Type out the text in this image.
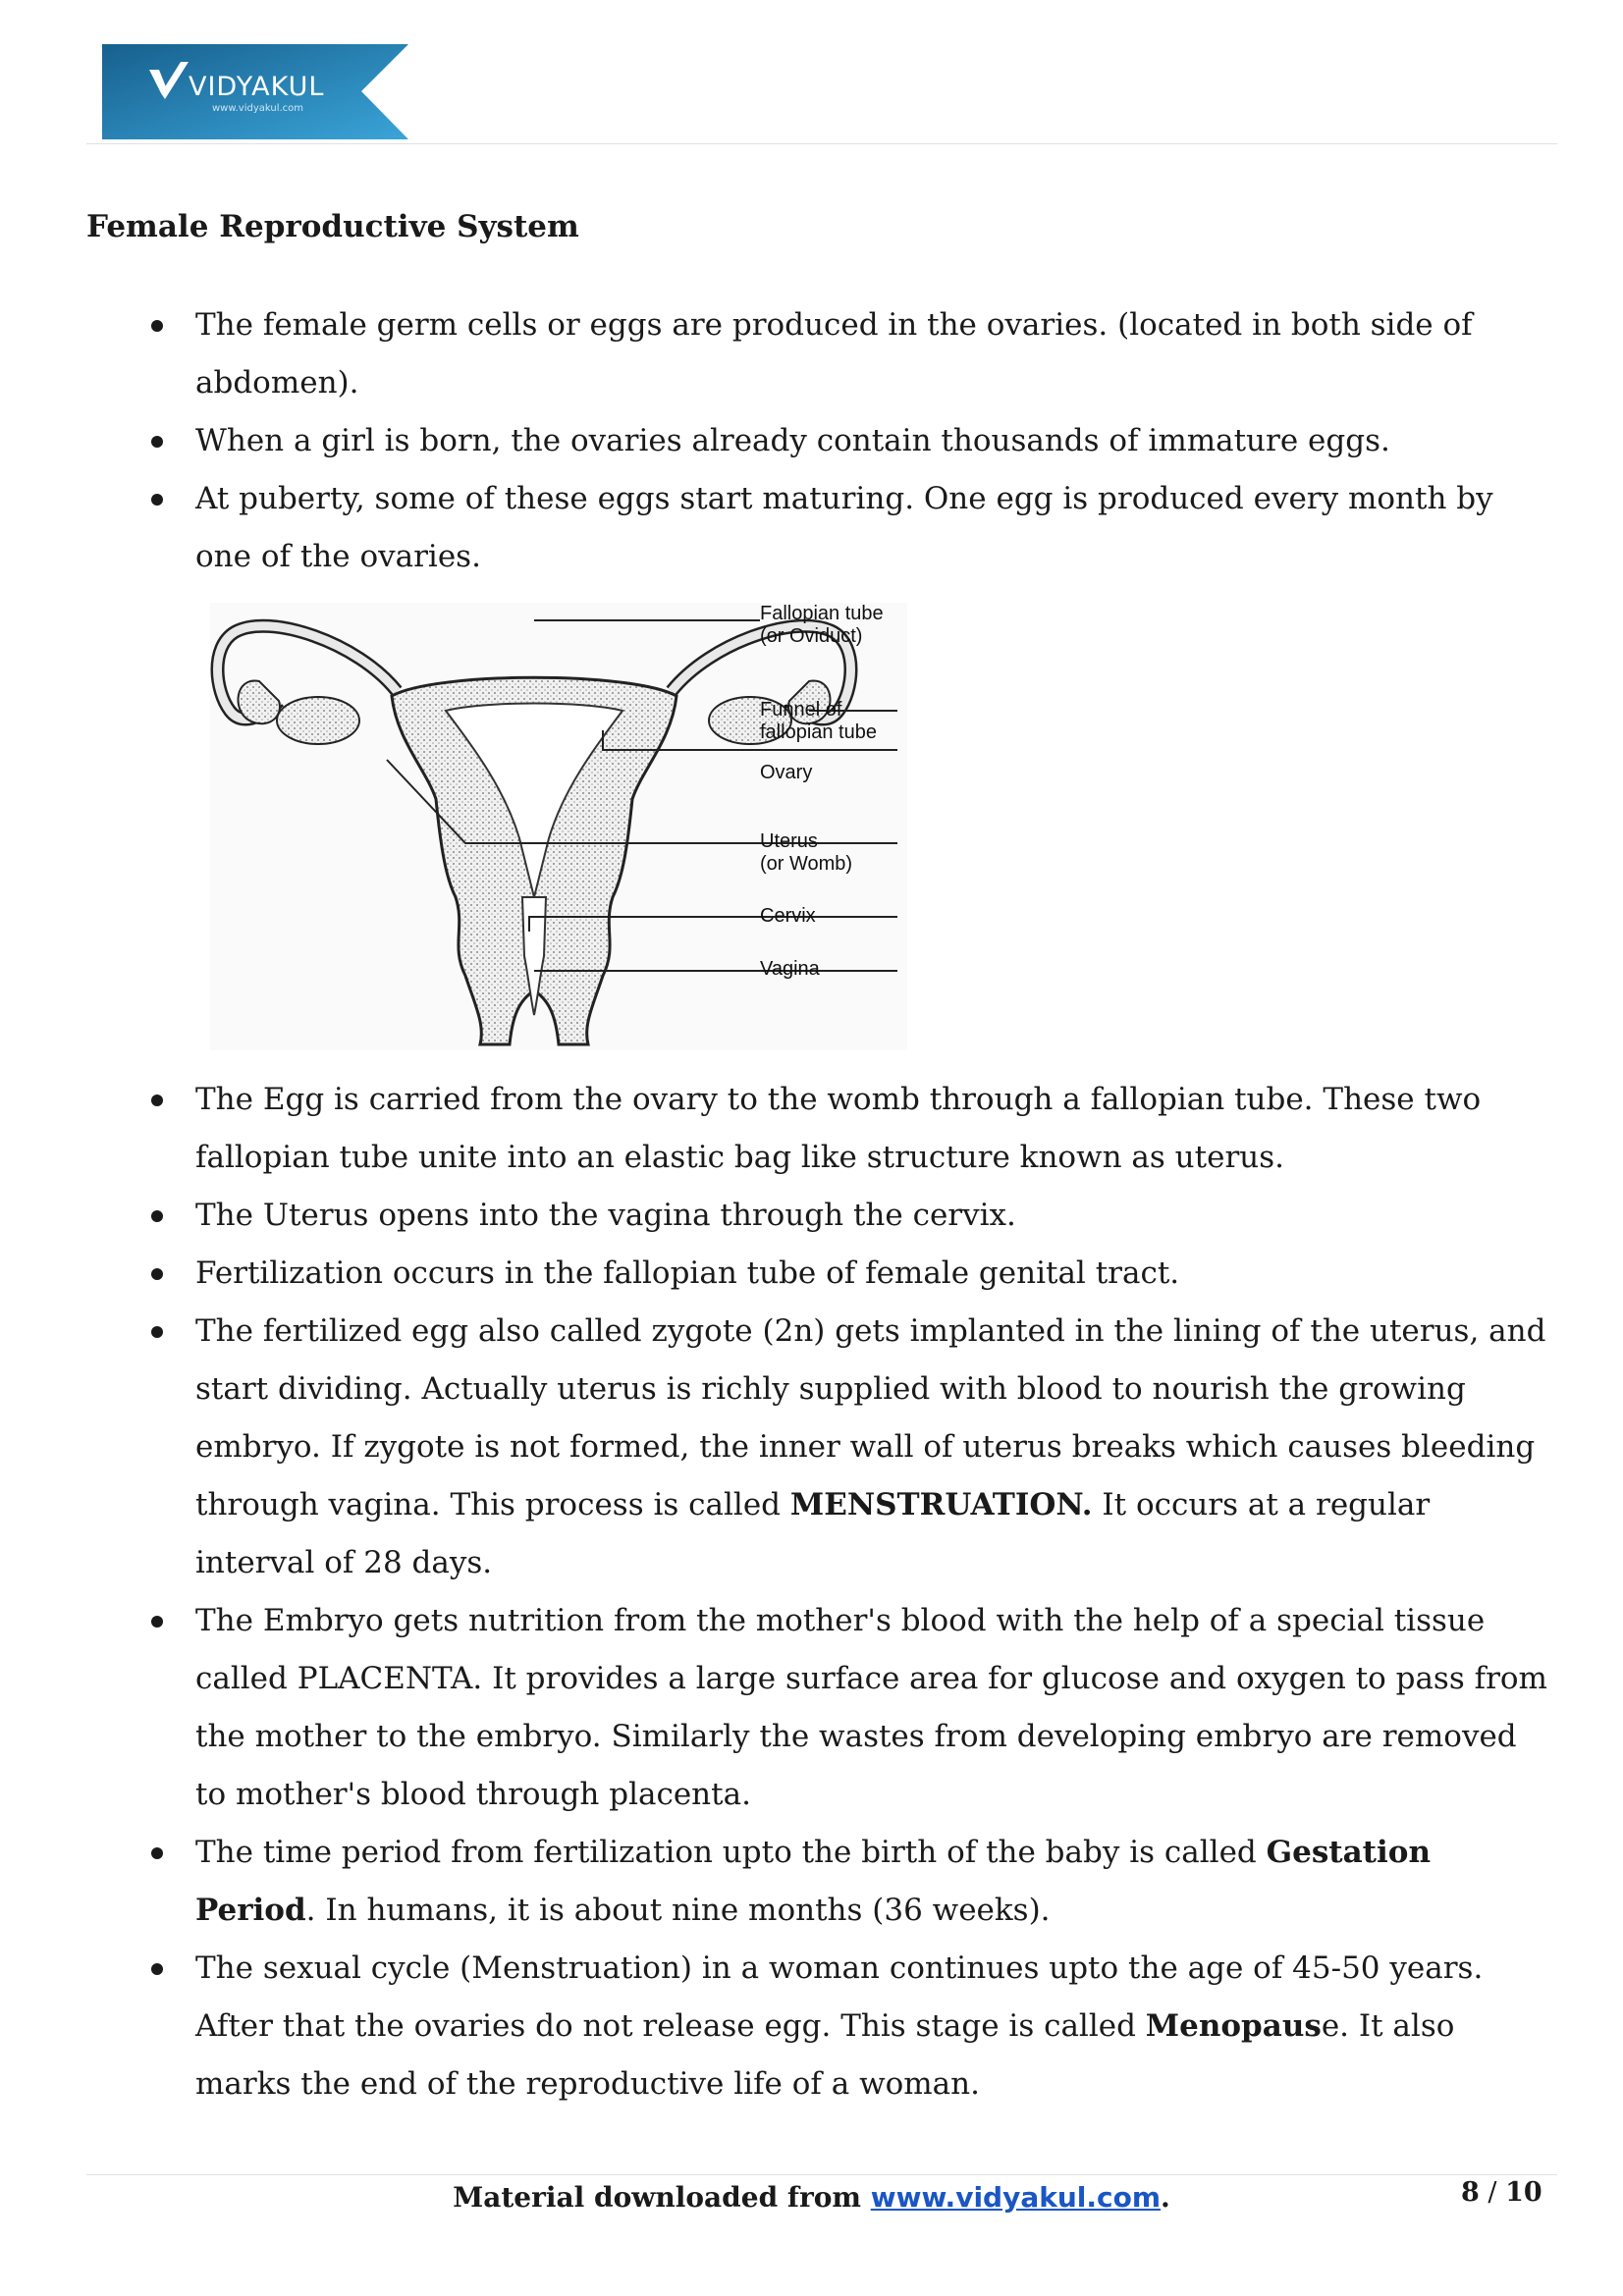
VIDYAKUL
www.vidyakul.com
Female Reproductive System
The female germ cells or eggs are produced in the ovaries. (located in both side of abdomen).
When a girl is born, the ovaries already contain thousands of immature eggs.
At puberty, some of these eggs start maturing. One egg is produced every month by one of the ovaries.
Fallopian tube
(or Oviduct)
Funnel of
fallopian tube
Ovary
Uterus
(or Womb)
Cervix
Vagina
The Egg is carried from the ovary to the womb through a fallopian tube. These two fallopian tube unite into an elastic bag like structure known as uterus.
The Uterus opens into the vagina through the cervix.
Fertilization occurs in the fallopian tube of female genital tract.
The fertilized egg also called zygote (2n) gets implanted in the lining of the uterus, and start dividing. Actually uterus is richly supplied with blood to nourish the growing embryo. If zygote is not formed, the inner wall of uterus breaks which causes bleeding through vagina. This process is called MENSTRUATION. It occurs at a regular interval of 28 days.
The Embryo gets nutrition from the mother's blood with the help of a special tissue called PLACENTA. It provides a large surface area for glucose and oxygen to pass from the mother to the embryo. Similarly the wastes from developing embryo are removed to mother's blood through placenta.
The time period from fertilization upto the birth of the baby is called Gestation Period. In humans, it is about nine months (36 weeks).
The sexual cycle (Menstruation) in a woman continues upto the age of 45-50 years. After that the ovaries do not release egg. This stage is called Menopause. It also marks the end of the reproductive life of a woman.
Material downloaded from www.vidyakul.com.	8 / 10
